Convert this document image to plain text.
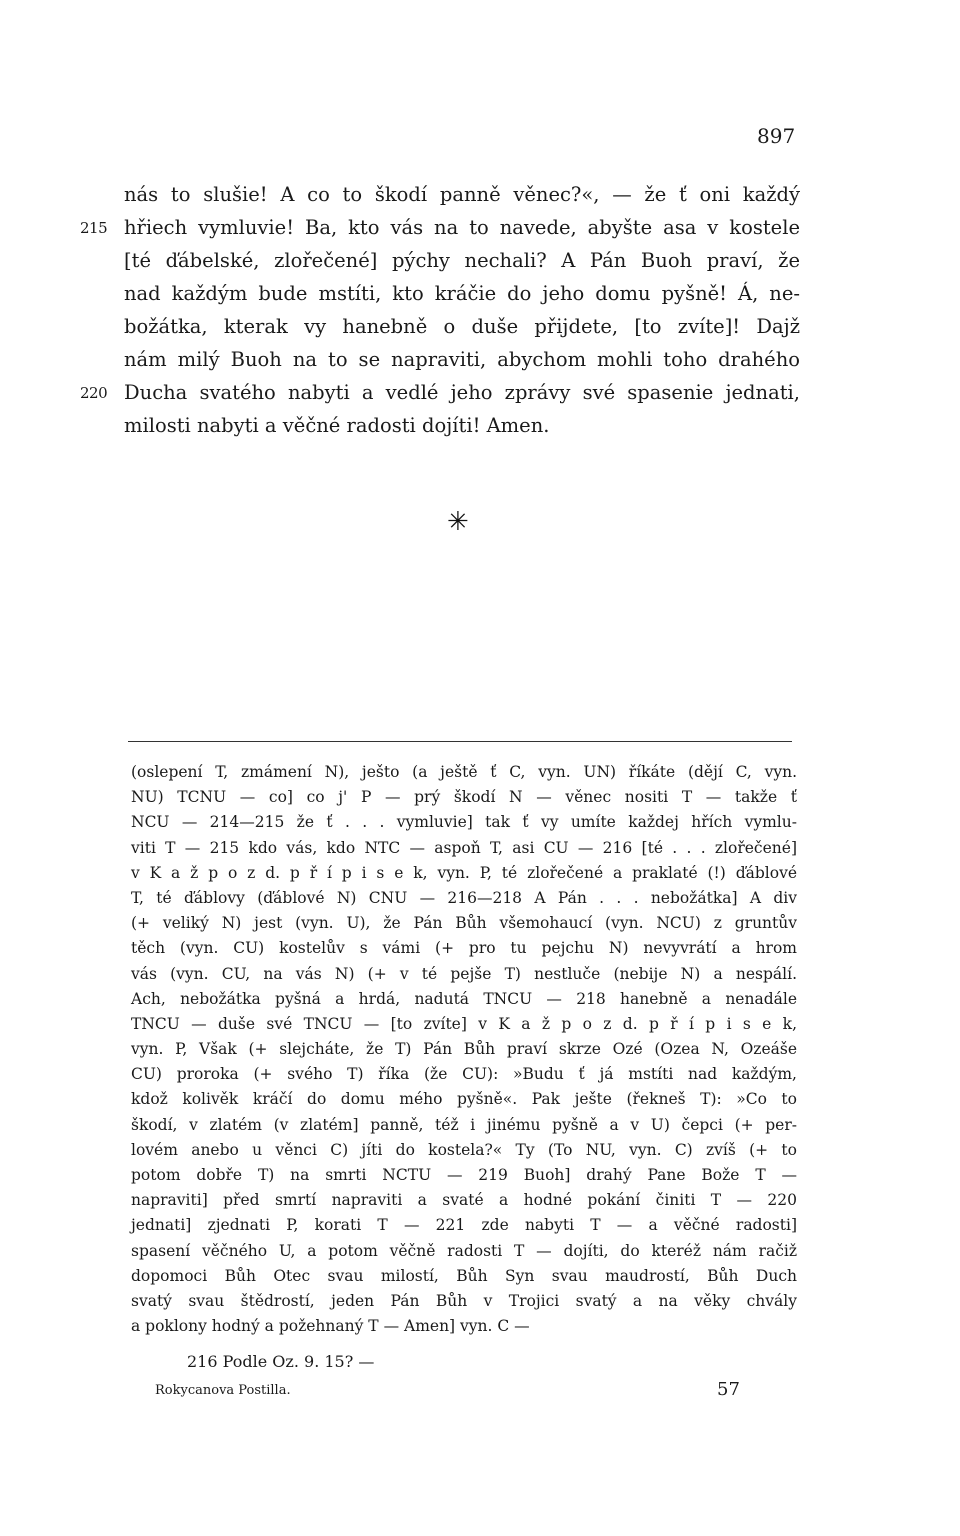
897
nás to slušie! A co to škodí panně věnec?«, — že ť oni každý
215 hřiech vymluvie! Ba, kto vás na to navede, abyšte asa v kostele
[té ďábelské, zlořečené] pýchy nechali? A Pán Buoh praví, že
nad každým bude mstíti, kto kráčie do jeho domu pyšně! Á, ne-
božátka, kterak vy hanebně o duše přijdete, [to zvíte]! Dajž
nám milý Buoh na to se napraviti, abychom mohli toho drahého
220 Ducha svatého nabyti a vedlé jeho zprávy své spasenie jednati,
milosti nabyti a věčné radosti dojíti! Amen.
✳
(oslepení T, zmámení N), ješto (a ještě ť C, vyn. UN) říkáte (dějí C, vyn.
NU) TCNU — co] co j' P — prý škodí N — věnec nositi T — takže ť
NCU — 214—215 že ť . . . vymluvie] tak ť vy umíte každej hřích vymlu-
viti T — 215 kdo vás, kdo NTC — aspoň T, asi CU — 216 [té . . . zlořečené]
v K a ž p o z d. p ř í p i s e k, vyn. P, té zlořečené a praklaté (!) ďáblové
T, té ďáblovy (ďáblové N) CNU — 216—218 A Pán . . . nebožátka] A div
(+ veliký N) jest (vyn. U), že Pán Bůh všemohaucí (vyn. NCU) z gruntův
těch (vyn. CU) kostelův s vámi (+ pro tu pejchu N) nevyvrátí a hrom
vás (vyn. CU, na vás N) (+ v té pejše T) nestluče (nebije N) a nespálí.
Ach, nebožátka pyšná a hrdá, nadutá TNCU — 218 hanebně a nenadále
TNCU — duše své TNCU — [to zvíte] v K a ž p o z d. p ř í p i s e k,
vyn. P, Však (+ slejcháte, že T) Pán Bůh praví skrze Ozé (Ozea N, Ozeáše
CU) proroka (+ svého T) říka (že CU): »Budu ť já mstíti nad každým,
kdož kolivěk kráčí do domu mého pyšně«. Pak ješte (řekneš T): »Co to
škodí, v zlatém (v zlatém] panně, též i jinému pyšně a v U) čepci (+ per-
lovém anebo u věnci C) jíti do kostela?« Ty (To NU, vyn. C) zvíš (+ to
potom dobře T) na smrti NCTU — 219 Buoh] drahý Pane Bože T —
napraviti] před smrtí napraviti a svaté a hodné pokání činiti T — 220
jednati] zjednati P, korati T — 221 zde nabyti T — a věčné radosti]
spasení věčného U, a potom věčně radosti T — dojíti, do kteréž nám račiž
dopomoci Bůh Otec svau milostí, Bůh Syn svau maudrostí, Bůh Duch
svatý svau štědrostí, jeden Pán Bůh v Trojici svatý a na věky chvály
a poklony hodný a požehnaný T — Amen] vyn. C —
216 Podle Oz. 9. 15? —
Rokycanova Postilla.	57
